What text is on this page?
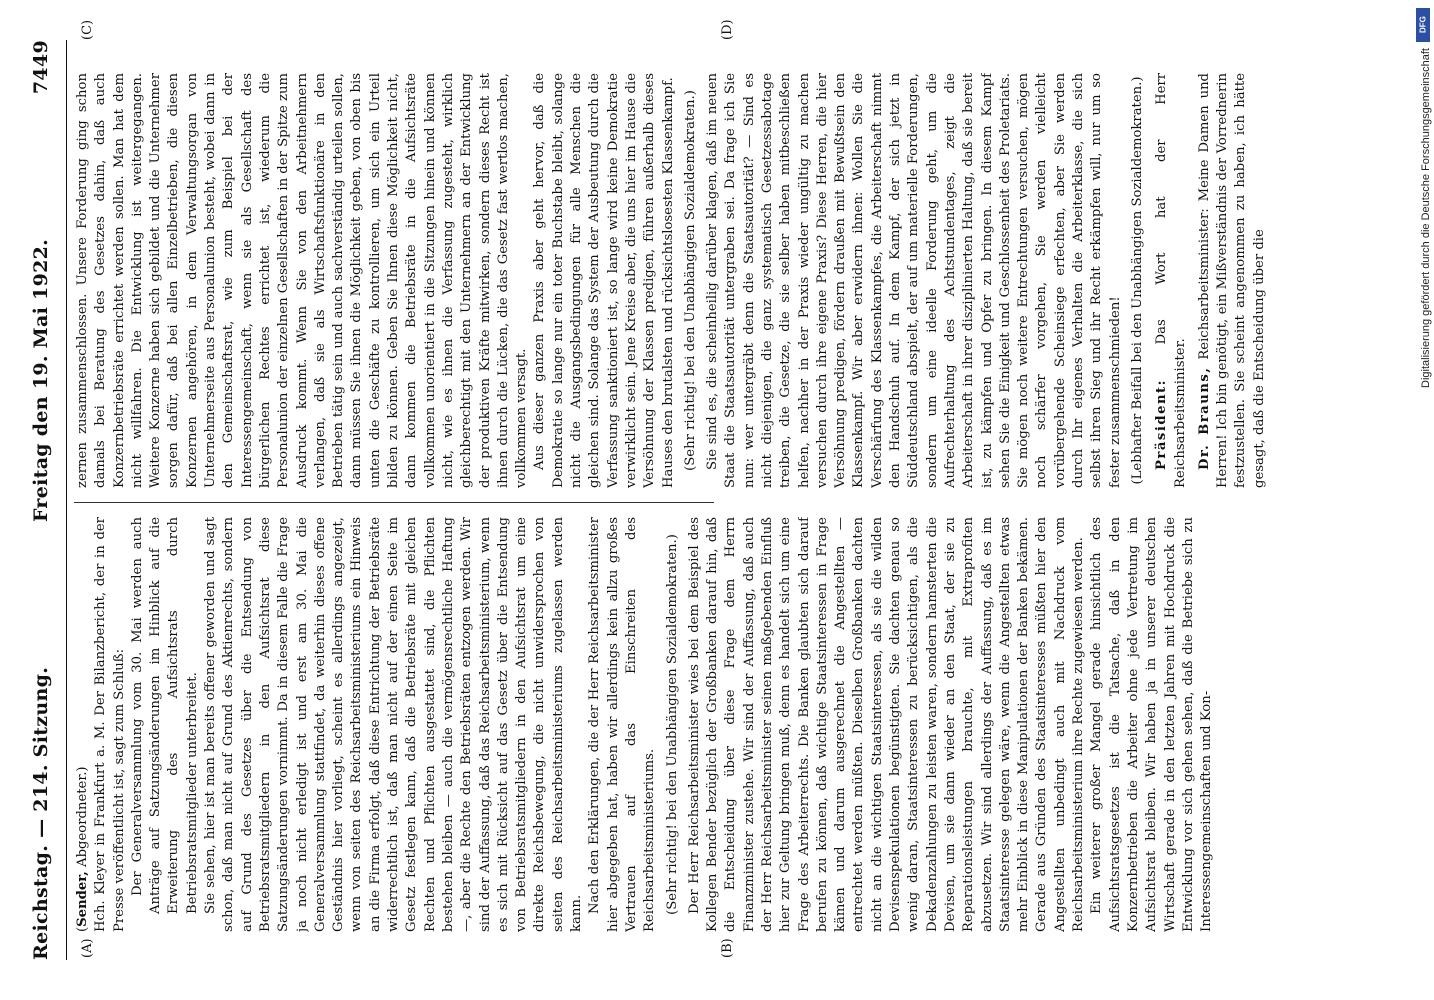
Reichstag. — 214. Sitzung.
Freitag den 19. Mai 1922.
7449
(A)	(B)
(C)	(D)

(Sender, Abgeordneter.) Hch. Kleyer in Frankfurt a. M. Der Bilanzbericht, der in der Presse veröffentlicht ist, sagt zum Schluß: Der Generalversammlung vom 30. Mai werden auch Anträge auf Satzungsänderungen im Hinblick auf die Erweiterung des Aufsichtsrats durch Betriebsratsmitglieder unterbreitet. Sie sehen, hier ist man bereits offener geworden und sagt schon, daß man nicht auf Grund des Aktienrechts, sondern auf Grund des Gesetzes über die Entsendung von Betriebsratsmitgliedern in den Aufsichtsrat diese Satzungsänderungen vornimmt. Da in diesem Falle die Frage ja noch nicht erledigt ist und erst am 30. Mai die Generalversammlung stattfindet, da weiterhin dieses offene Geständnis hier vorliegt, scheint es allerdings angezeigt, wenn von seiten des Reichsarbeitsministeriums ein Hinweis an die Firma erfolgt, daß diese Entrichtung der Betriebsräte widerrechtlich ist, daß man nicht auf der einen Seite im Gesetz festlegen kann, daß die Betriebsräte mit gleichen Rechten und Pflichten ausgestattet sind, die Pflichten bestehen bleiben — auch die vermögensrechtliche Haftung —, aber die Rechte den Betriebsräten entzogen werden. Wir sind der Auffassung, daß das Reichsarbeitsministerium, wenn es sich mit Rücksicht auf das Gesetz über die Entsendung von Betriebsratsmitgliedern in den Aufsichtsrat um eine direkte Reichsbewegung, die nicht unwidersprochen von seiten des Reichsarbeitsministeriums zugelassen werden kann. Nach den Erklärungen, die der Herr Reichsarbeitsminister hier abgegeben hat, haben wir allerdings kein allzu großes Vertrauen auf das Einschreiten des Reichsarbeitsministeriums. (Sehr richtig! bei den Unabhängigen Sozialdemokraten.) Der Herr Reichsarbeitsminister wies bei dem Beispiel des Kollegen Bender bezüglich der Großbanken darauf hin, daß die Entscheidung über diese Frage dem Herrn Finanzminister zustehe. Wir sind der Auffassung, daß auch der Herr Reichsarbeitsminister seinen maßgebenden Einfluß hier zur Geltung bringen muß, denn es handelt sich um eine Frage des Arbeiterrechts. Die Banken glaubten sich darauf berufen zu können, daß wichtige Staatsinteressen in Frage kämen und darum ausgerechnet die Angestellten — entrechtet werden müßten. Dieselben Großbanken dachten nicht an die wichtigen Staatsinteressen, als sie die wilden Devisenspekulationen begünstigten. Sie dachten genau so wenig daran, Staatsinteressen zu berücksichtigen, als die Dekadenzahlungen zu leisten waren, sondern hamsterten die Devisen, um sie dann wieder an den Staat, der sie zu Reparationsleistungen brauchte, mit Extraprofiten abzusetzen. Wir sind allerdings der Auffassung, daß es im Staatsinteresse gelegen wäre, wenn die Angestellten etwas mehr Einblick in diese Manipulationen der Banken bekämen. Gerade aus Gründen des Staatsinteresses müßten hier den Angestellten unbedingt auch mit Nachdruck vom Reichsarbeitsministerium ihre Rechte zugewiesen werden. Ein weiterer großer Mangel gerade hinsichtlich des Aufsichtsratsgesetzes ist die Tatsache, daß in den Konzernbetrieben die Arbeiter ohne jede Vertretung im Aufsichtsrat bleiben. Wir haben ja in unserer deutschen Wirtschaft gerade in den letzten Jahren mit Hochdruck die Entwicklung vor sich gehen sehen, daß die Betriebe sich zu Interessengemeinschaften und Kon-

zernen zusammenschlossen. Unsere Forderung ging schon damals bei Beratung des Gesetzes dahin, daß auch Konzernbetriebsräte errichtet werden sollen. Man hat dem nicht willfahren. Die Entwicklung ist weitergegangen. Weitere Konzerne haben sich gebildet und die Unternehmer sorgen dafür, daß bei allen Einzelbetrieben, die diesen Konzernen angehören, in dem Verwaltungsorgan von Unternehmerseite aus Personalunion besteht, wobei dann in den Gemeinschaftsrat, wie zum Beispiel bei der Interessengemeinschaft, wenn sie als Gesellschaft des bürgerlichen Rechtes errichtet ist, wiederum die Personalunion der einzelnen Gesellschaften in der Spitze zum Ausdruck kommt. Wenn Sie von den Arbeitnehmern verlangen, daß sie als Wirtschaftsfunktionäre in den Betrieben tätig sein und auch sachverständig urteilen sollen, dann müssen Sie ihnen die Möglichkeit geben, von oben bis unten die Geschäfte zu kontrollieren, um sich ein Urteil bilden zu können. Geben Sie Ihnen diese Möglichkeit nicht, dann kommen die Betriebsräte in die Aufsichtsräte vollkommen unorientiert in die Sitzungen hinein und können nicht, wie es ihnen die Verfassung zugesteht, wirklich gleichberechtigt mit den Unternehmern an der Entwicklung der produktiven Kräfte mitwirken, sondern dieses Recht ist ihnen durch die Lücken, die das Gesetz fast wertlos machen, vollkommen versagt. Aus dieser ganzen Praxis aber geht hervor, daß die Demokratie so lange nur ein toter Buchstabe bleibt, solange nicht die Ausgangsbedingungen für alle Menschen die gleichen sind. Solange das System der Ausbeutung durch die Verfassung sanktioniert ist, so lange wird keine Demokratie verwirklicht sein. Jene Kreise aber, die uns hier im Hause die Versöhnung der Klassen predigen, führen außerhalb dieses Hauses den brutalsten und rücksichtslosesten Klassenkampf. (Sehr richtig! bei den Unabhängigen Sozialdemokraten.) Sie sind es, die scheinheilig darüber klagen, daß im neuen Staat die Staatsautorität untergraben sei. Da frage ich Sie nun: wer untergräbt denn die Staatsautorität? — Sind es nicht diejenigen, die ganz systematisch Gesetzessabotage treiben, die Gesetze, die sie selber haben mitbeschließen helfen, nachher in der Praxis wieder ungültig zu machen versuchen durch ihre eigene Praxis? Diese Herren, die hier Versöhnung predigen, fördern draußen mit Bewußtsein den Klassenkampf. Wir aber erwidern ihnen: Wollen Sie die Verschärfung des Klassenkampfes, die Arbeiterschaft nimmt den Handschuh auf. In dem Kampf, der sich jetzt in Süddeutschland abspielt, der auf um materielle Forderungen, sondern um eine ideelle Forderung geht, um die Aufrechterhaltung des Achtstundentages, zeigt die Arbeiterschaft in ihrer disziplinierten Haltung, daß sie bereit ist, zu kämpfen und Opfer zu bringen. In diesem Kampf sehen Sie die Einigkeit und Geschlossenheit des Proletariats. Sie mögen noch weitere Entrechtungen versuchen, mögen noch schärfer vorgehen, Sie werden vielleicht vorübergehende Scheinsiege erfechten, aber Sie werden durch Ihr eigenes Verhalten die Arbeiterklasse, die sich selbst ihren Sieg und ihr Recht erkämpfen will, nur um so fester zusammenschmieden! (Lebhafter Beifall bei den Unabhängigen Sozialdemokraten.) Präsident: Das Wort hat der Herr Reichsarbeitsminister. Dr. Brauns, Reichsarbeitsminister: Meine Damen und Herren! Ich bin genötigt, ein Mißverständnis der Vorrednerin festzustellen. Sie scheint angenommen zu haben, ich hätte gesagt, daß die Entscheidung über die

DFG
Digitalisierung gefördert durch die Deutsche Forschungsgemeinschaft
